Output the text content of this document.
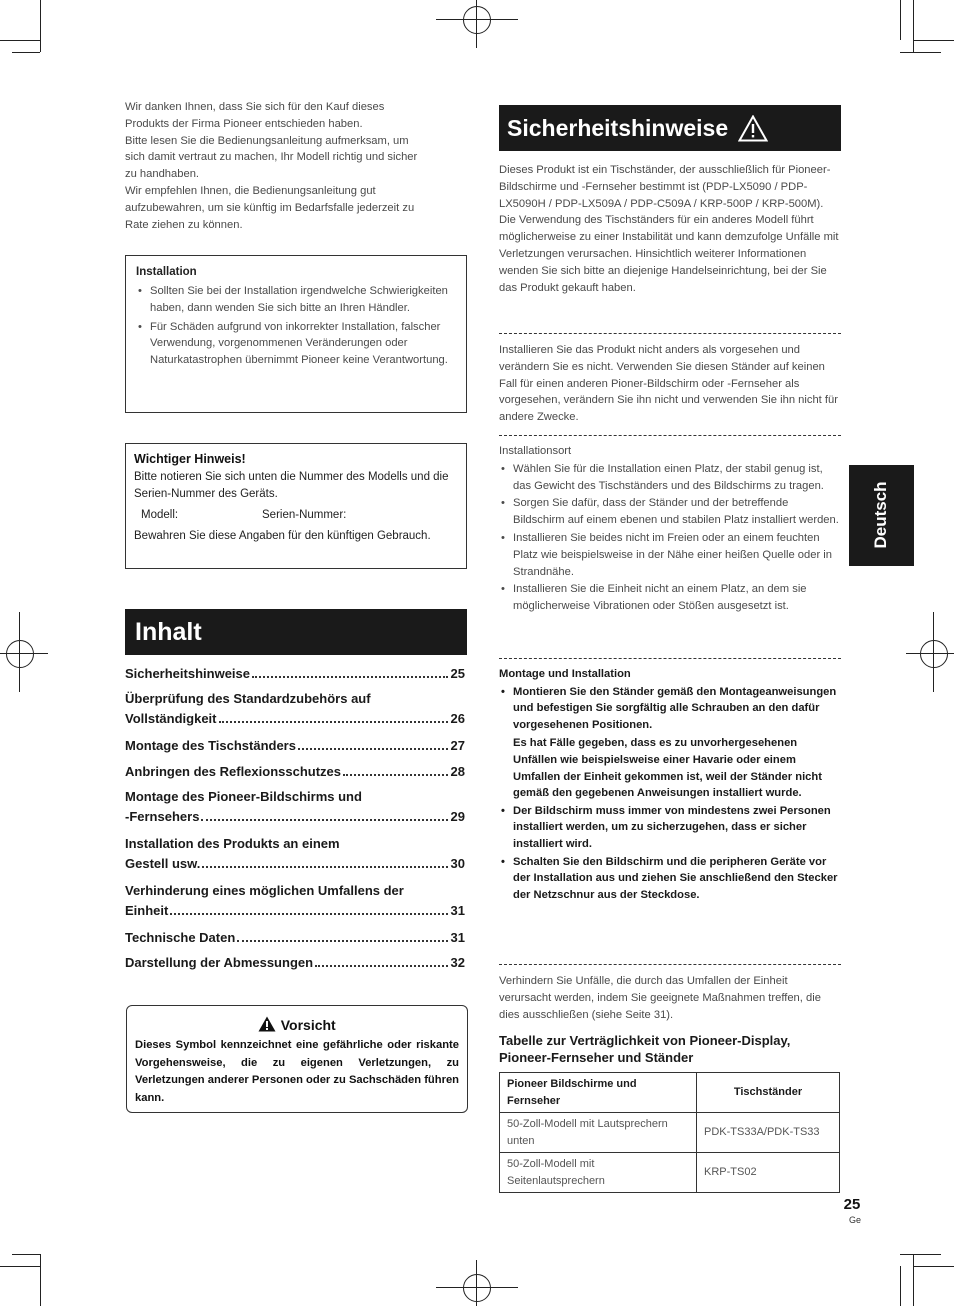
Wir danken Ihnen, dass Sie sich für den Kauf dieses
Produkts der Firma Pioneer entschieden haben.
Bitte lesen Sie die Bedienungsanleitung aufmerksam, um
sich damit vertraut zu machen, Ihr Modell richtig und sicher
zu handhaben.
Wir empfehlen Ihnen, die Bedienungsanleitung gut
aufzubewahren, um sie künftig im Bedarfsfalle jederzeit zu
Rate ziehen zu können.
Installation
• Sollten Sie bei der Installation irgendwelche Schwierigkeiten haben, dann wenden Sie sich bitte an Ihren Händler.
• Für Schäden aufgrund von inkorrekter Installation, falscher Verwendung, vorgenommenen Veränderungen oder Naturkatastrophen übernimmt Pioneer keine Verantwortung.
Wichtiger Hinweis!
Bitte notieren Sie sich unten die Nummer des Modells und die Serien-Nummer des Geräts.
Modell:	Serien-Nummer:
Bewahren Sie diese Angaben für den künftigen Gebrauch.
Inhalt
Sicherheitshinweise	25
Überprüfung des Standardzubehörs auf
Vollständigkeit	26
Montage des Tischständers	27
Anbringen des Reflexionsschutzes	28
Montage des Pioneer-Bildschirms und
-Fernsehers	29
Installation des Produkts an einem
Gestell usw.	30
Verhinderung eines möglichen Umfallens der
Einheit	31
Technische Daten	31
Darstellung der Abmessungen	32
Vorsicht
Dieses Symbol kennzeichnet eine gefährliche oder riskante Vorgehensweise, die zu eigenen Verletzungen, zu Verletzungen anderer Personen oder zu Sachschäden führen kann.
Sicherheitshinweise
Dieses Produkt ist ein Tischständer, der ausschließlich für Pioneer-Bildschirme und -Fernseher bestimmt ist (PDP-LX5090 / PDP-LX5090H / PDP-LX509A / PDP-C509A / KRP-500P / KRP-500M).
Die Verwendung des Tischständers für ein anderes Modell führt möglicherweise zu einer Instabilität und kann demzufolge Unfälle mit Verletzungen verursachen. Hinsichtlich weiterer Informationen wenden Sie sich bitte an diejenige Handelseinrichtung, bei der Sie das Produkt gekauft haben.
Installieren Sie das Produkt nicht anders als vorgesehen und verändern Sie es nicht. Verwenden Sie diesen Ständer auf keinen Fall für einen anderen Pioner-Bildschirm oder -Fernseher als vorgesehen, verändern Sie ihn nicht und verwenden Sie ihn nicht für andere Zwecke.
Installationsort
• Wählen Sie für die Installation einen Platz, der stabil genug ist, das Gewicht des Tischständers und des Bildschirms zu tragen.
• Sorgen Sie dafür, dass der Ständer und der betreffende Bildschirm auf einem ebenen und stabilen Platz installiert werden.
• Installieren Sie beides nicht im Freien oder an einem feuchten Platz wie beispielsweise in der Nähe einer heißen Quelle oder in Strandnähe.
• Installieren Sie die Einheit nicht an einem Platz, an dem sie möglicherweise Vibrationen oder Stößen ausgesetzt ist.
Montage und Installation
• Montieren Sie den Ständer gemäß den Montageanweisungen und befestigen Sie sorgfältig alle Schrauben an den dafür vorgesehenen Positionen.
Es hat Fälle gegeben, dass es zu unvorhergesehenen Unfällen wie beispielsweise einer Havarie oder einem Umfallen der Einheit gekommen ist, weil der Ständer nicht gemäß den gegebenen Anweisungen installiert wurde.
• Der Bildschirm muss immer von mindestens zwei Personen installiert werden, um zu sicherzugehen, dass er sicher installiert wird.
• Schalten Sie den Bildschirm und die peripheren Geräte vor der Installation aus und ziehen Sie anschließend den Stecker der Netzschnur aus der Steckdose.
Verhindern Sie Unfälle, die durch das Umfallen der Einheit verursacht werden, indem Sie geeignete Maßnahmen treffen, die dies ausschließen (siehe Seite 31).
Tabelle zur Verträglichkeit von Pioneer-Display, Pioneer-Fernseher und Ständer
Pioneer Bildschirme und Fernseher	Tischständer
50-Zoll-Modell mit Lautsprechern unten	PDK-TS33A/PDK-TS33
50-Zoll-Modell mit Seitenlautsprechern	KRP-TS02
Deutsch
25
Ge
